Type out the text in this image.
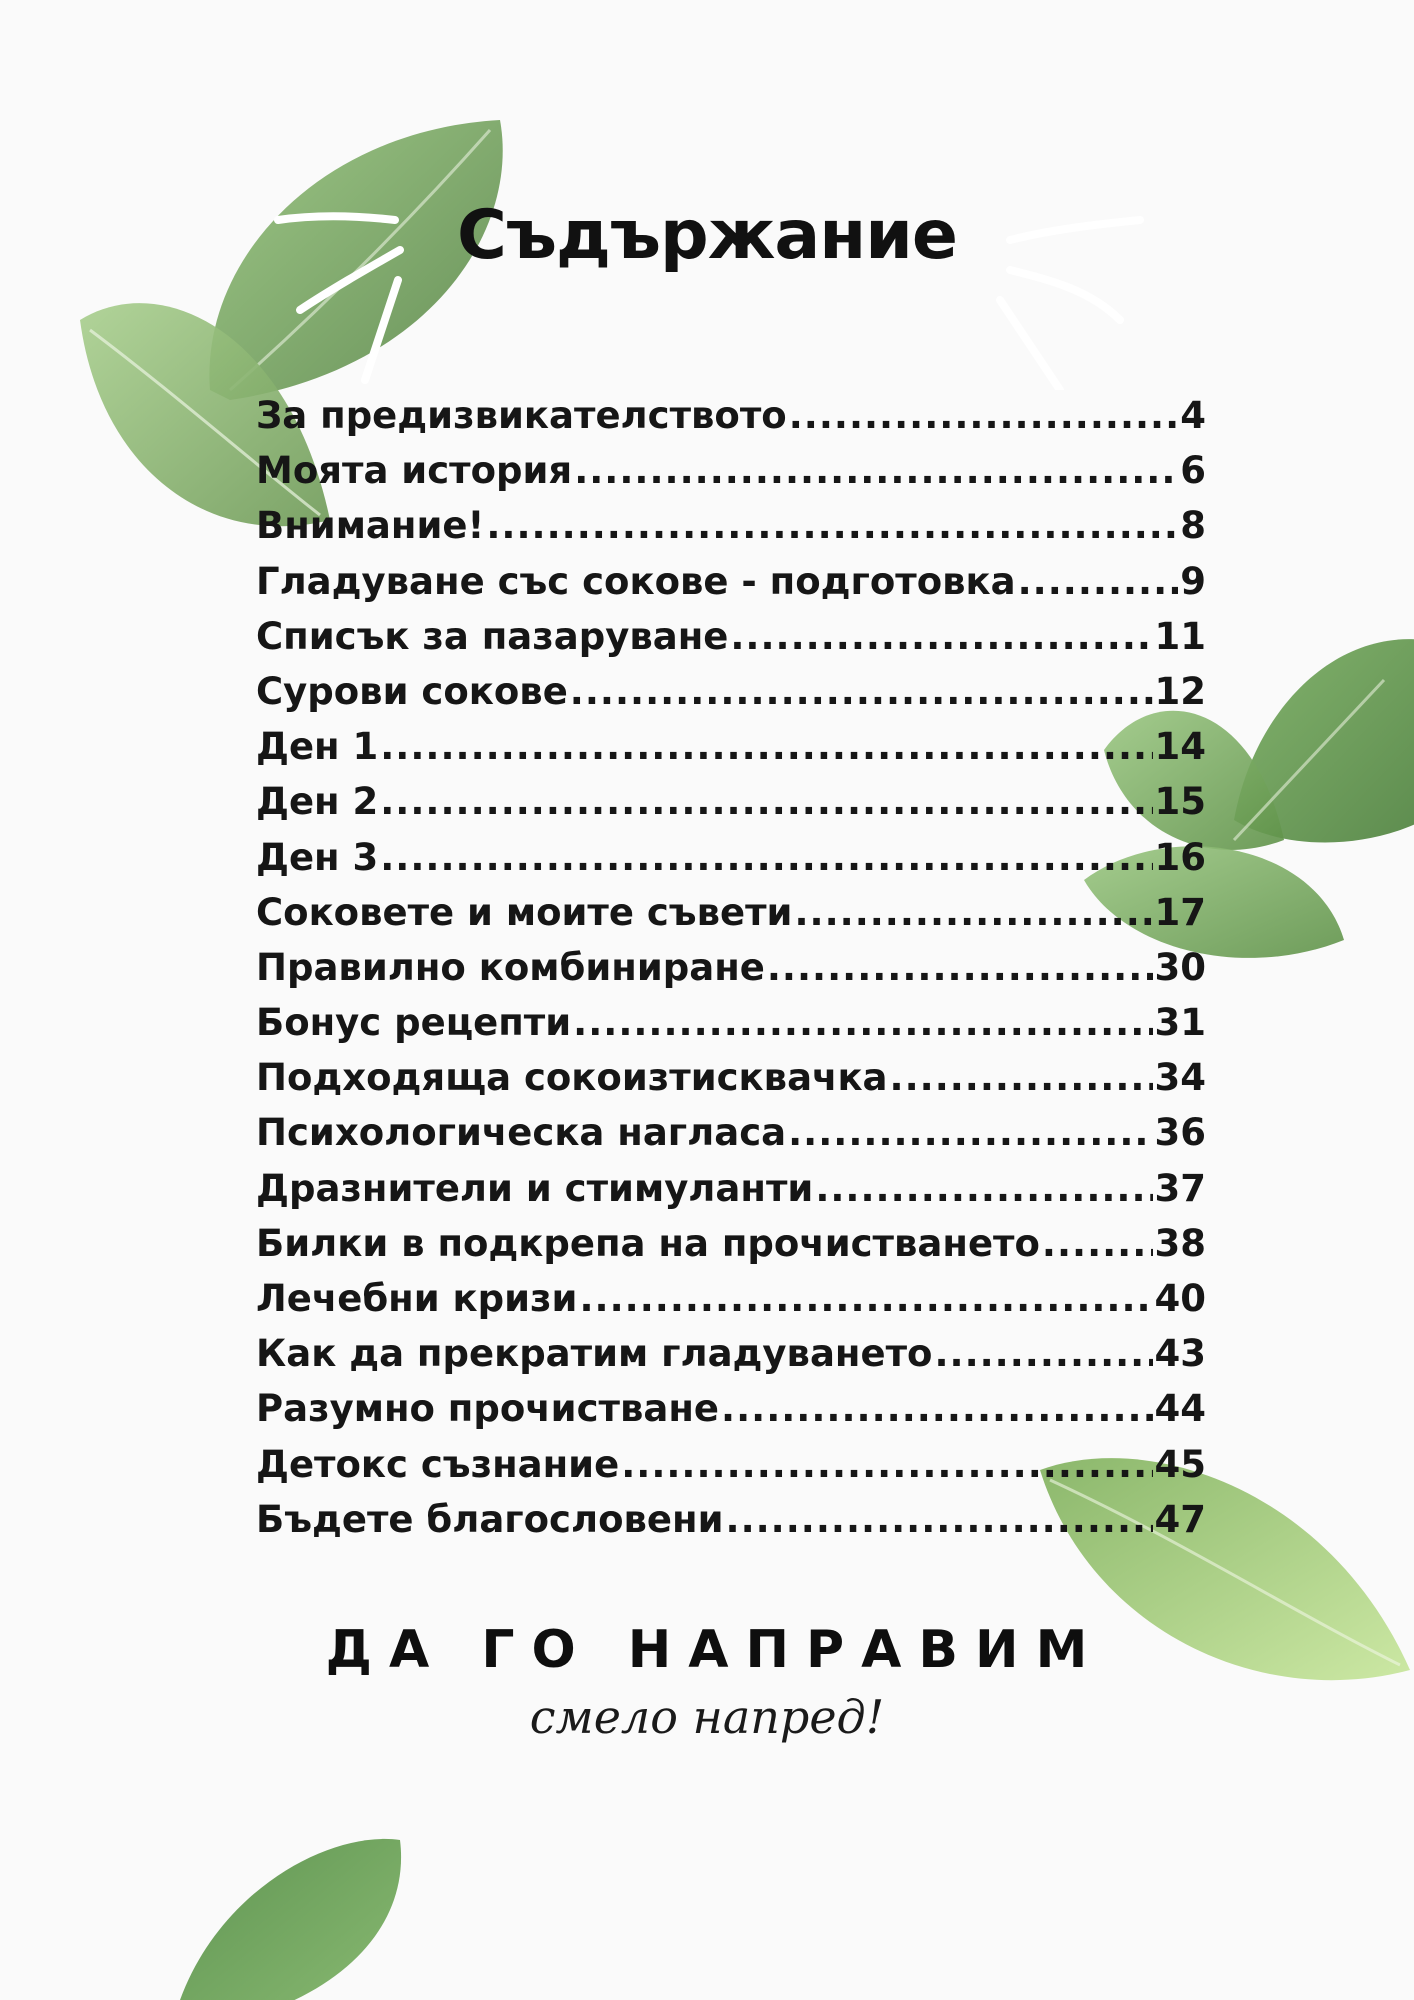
Съдържание
За предизвикателството .....	4
Моята история .....	6
Внимание! .....	8
Гладуване със сокове - подготовка .....	9
Списък за пазаруване .....	11
Сурови сокове .....	12
Ден 1 .....	14
Ден 2 .....	15
Ден 3 .....	16
Соковете и моите съвети .....	17
Правилно комбиниране .....	30
Бонус рецепти .....	31
Подходяща сокоизтисквачка .....	34
Психологическа нагласа .....	36
Дразнители и стимуланти .....	37
Билки в подкрепа на прочистването .....	38
Лечебни кризи .....	40
Как да прекратим гладуването .....	43
Разумно прочистване .....	44
Детокс съзнание .....	45
Бъдете благословени .....	47
ДА ГО НАПРАВИМ
смело напред!
